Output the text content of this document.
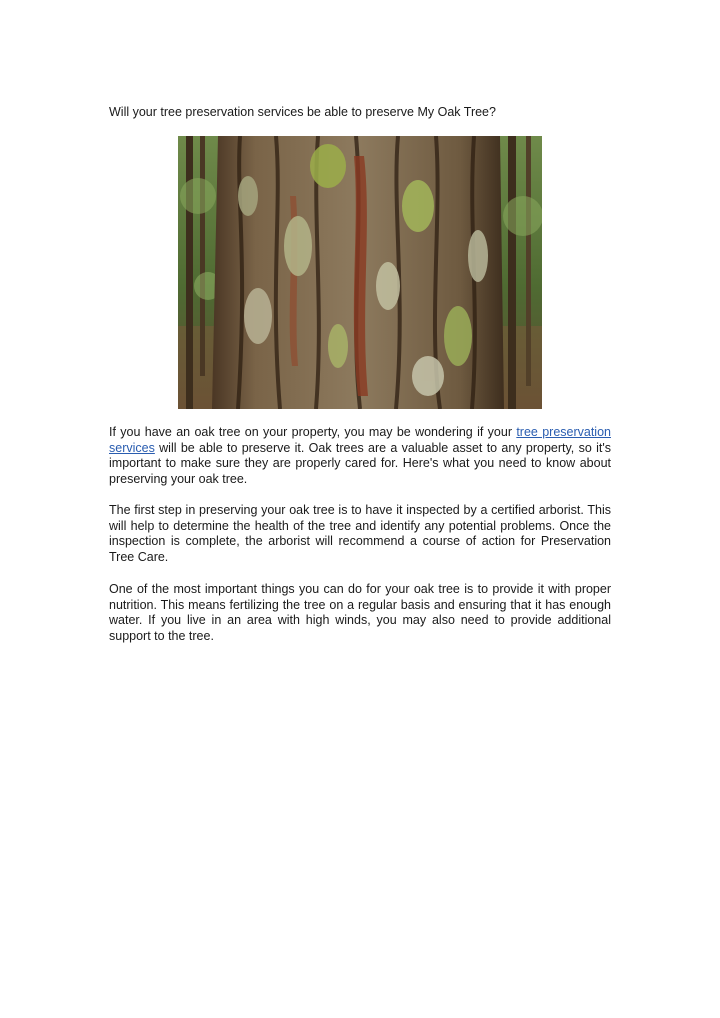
Will your tree preservation services be able to preserve My Oak Tree?

If you have an oak tree on your property, you may be wondering if your tree preservation services will be able to preserve it. Oak trees are a valuable asset to any property, so it's important to make sure they are properly cared for. Here's what you need to know about preserving your oak tree.

The first step in preserving your oak tree is to have it inspected by a certified arborist. This will help to determine the health of the tree and identify any potential problems. Once the inspection is complete, the arborist will recommend a course of action for Preservation Tree Care.

One of the most important things you can do for your oak tree is to provide it with proper nutrition. This means fertilizing the tree on a regular basis and ensuring that it has enough water. If you live in an area with high winds, you may also need to provide additional support to the tree.
